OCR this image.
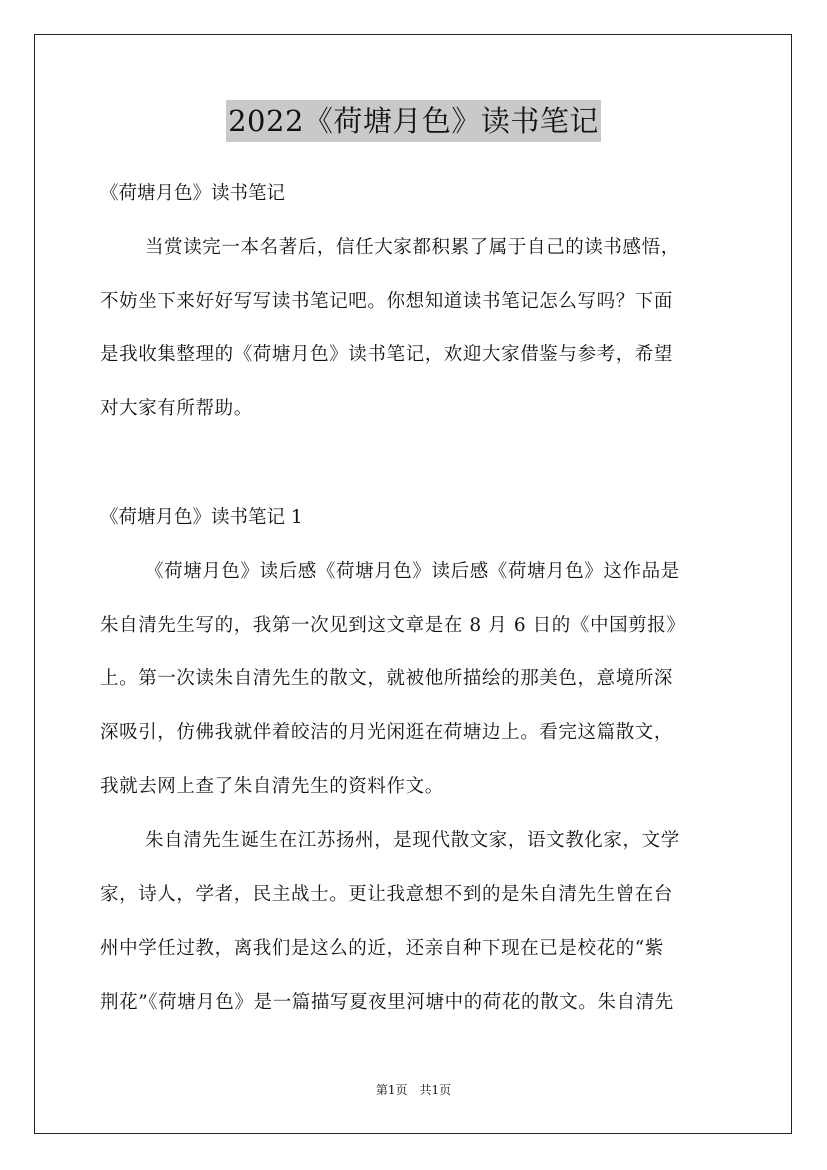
2022《荷塘月色》读书笔记
《荷塘月色》读书笔记
当赏读完一本名著后，信任大家都积累了属于自己的读书感悟，
不妨坐下来好好写写读书笔记吧。你想知道读书笔记怎么写吗？下面
是我收集整理的《荷塘月色》读书笔记，欢迎大家借鉴与参考，希望
对大家有所帮助。
《荷塘月色》读书笔记 1
《荷塘月色》读后感《荷塘月色》读后感《荷塘月色》这作品是
朱自清先生写的，我第一次见到这文章是在 8 月 6 日的《中国剪报》
上。第一次读朱自清先生的散文，就被他所描绘的那美色，意境所深
深吸引，仿佛我就伴着皎洁的月光闲逛在荷塘边上。看完这篇散文，
我就去网上查了朱自清先生的资料作文。
朱自清先生诞生在江苏扬州，是现代散文家，语文教化家，文学
家，诗人，学者，民主战士。更让我意想不到的是朱自清先生曾在台
州中学任过教，离我们是这么的近，还亲自种下现在已是校花的“紫
荆花”《荷塘月色》是一篇描写夏夜里河塘中的荷花的散文。朱自清先
第1页　共1页
